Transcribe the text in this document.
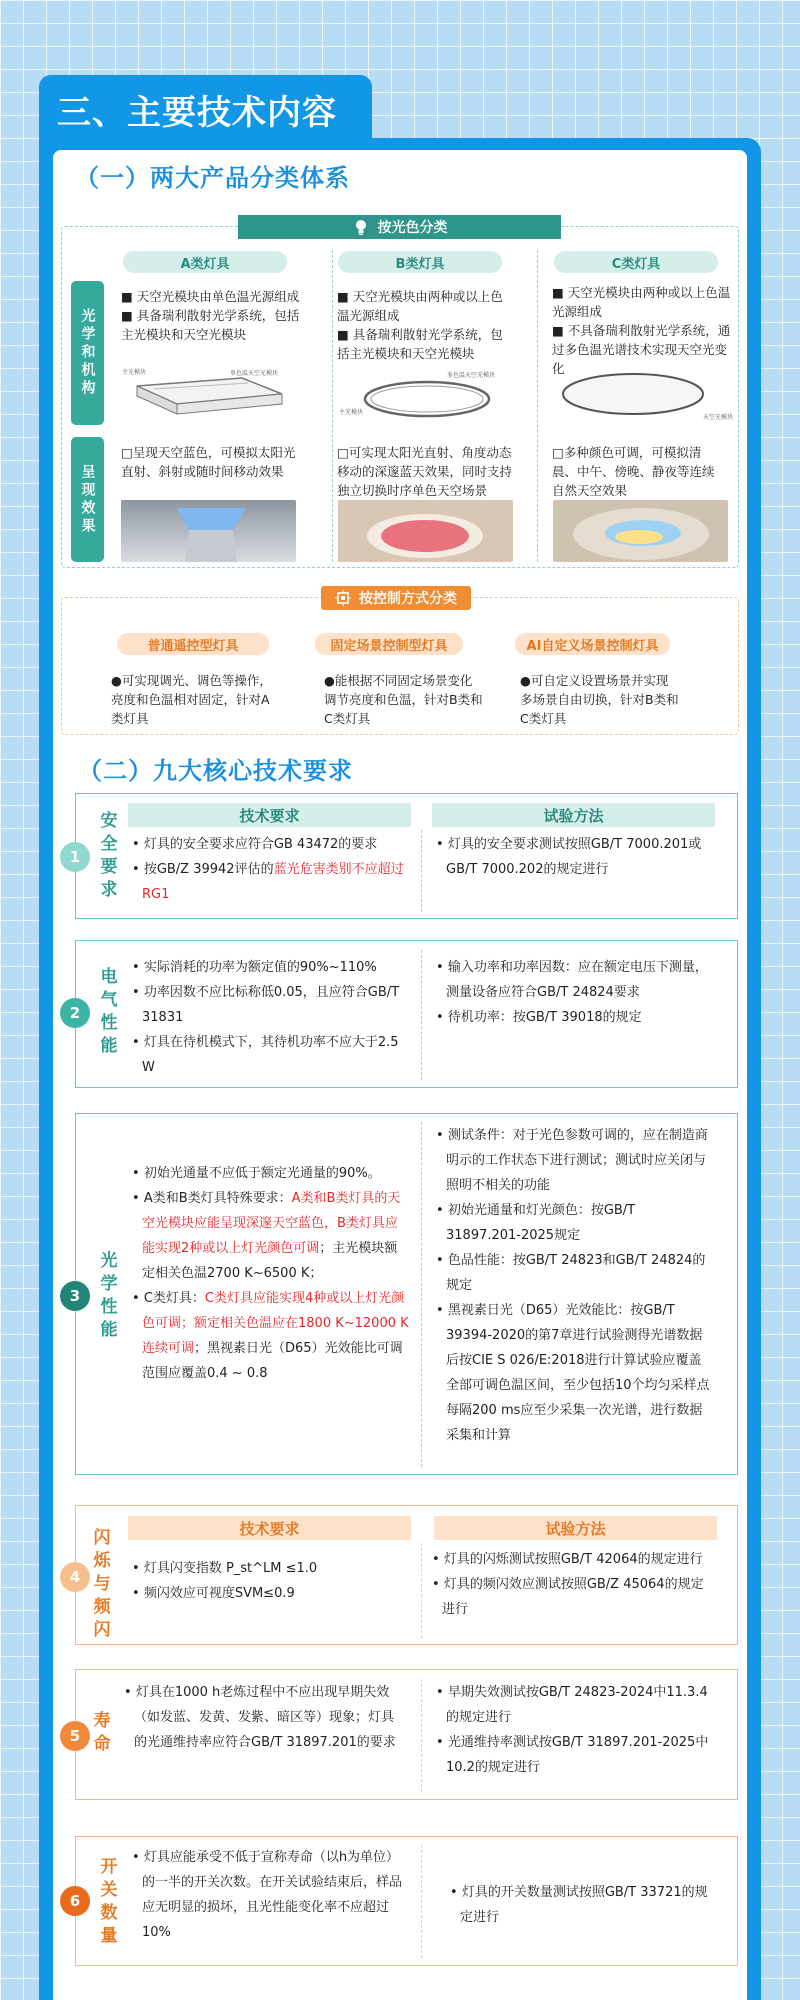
三、主要技术内容
（一）两大产品分类体系
按光色分类
光学和机构
呈现效果
A类灯具
■ 天空光模块由单色温光源组成
■ 具备瑞利散射光学系统，包括主光模块和天空光模块
主光模块	单色温天空光模块
□呈现天空蓝色，可模拟太阳光直射、斜射或随时间移动效果
B类灯具
■ 天空光模块由两种或以上色温光源组成
■ 具备瑞利散射光学系统，包括主光模块和天空光模块
多色温天空光模块
主光模块
□可实现太阳光直射、角度动态移动的深邃蓝天效果，同时支持独立切换时序单色天空场景
C类灯具
■ 天空光模块由两种或以上色温光源组成
■ 不具备瑞利散射光学系统，通过多色温光谱技术实现天空光变化
天空光模块
□多种颜色可调，可模拟清晨、中午、傍晚、静夜等连续自然天空效果
按控制方式分类
普通遥控型灯具	固定场景控制型灯具	AI自定义场景控制灯具
●可实现调光、调色等操作，亮度和色温相对固定，针对A类灯具
●能根据不同固定场景变化调节亮度和色温，针对B类和C类灯具
●可自定义设置场景并实现多场景自由切换，针对B类和C类灯具
（二）九大核心技术要求
1
安全要求
技术要求	试验方法
• 灯具的安全要求应符合GB 43472的要求
• 按GB/Z 39942评估的蓝光危害类别不应超过RG1
• 灯具的安全要求测试按照GB/T 7000.201或GB/T 7000.202的规定进行
2
电气性能
• 实际消耗的功率为额定值的90%~110%
• 功率因数不应比标称低0.05，且应符合GB/T 31831
• 灯具在待机模式下，其待机功率不应大于2.5 W
• 输入功率和功率因数：应在额定电压下测量，测量设备应符合GB/T 24824要求
• 待机功率：按GB/T 39018的规定
3
光学性能
• 初始光通量不应低于额定光通量的90%。
• A类和B类灯具特殊要求：A类和B类灯具的天空光模块应能呈现深邃天空蓝色，B类灯具应能实现2种或以上灯光颜色可调；主光模块额定相关色温2700 K~6500 K；
• C类灯具：C类灯具应能实现4种或以上灯光颜色可调；额定相关色温应在1800 K~12000 K连续可调；黑视素日光（D65）光效能比可调范围应覆盖0.4 ~ 0.8
• 测试条件：对于光色参数可调的，应在制造商明示的工作状态下进行测试；测试时应关闭与照明不相关的功能
• 初始光通量和灯光颜色：按GB/T 31897.201-2025规定
• 色品性能：按GB/T 24823和GB/T 24824的规定
• 黑视素日光（D65）光效能比：按GB/T 39394-2020的第7章进行试验测得光谱数据后按CIE S 026/E:2018进行计算试验应覆盖全部可调色温区间，至少包括10个均匀采样点每隔200 ms应至少采集一次光谱，进行数据采集和计算
4
闪烁与频闪
技术要求	试验方法
• 灯具闪变指数 P_st^LM ≤1.0
• 频闪效应可视度SVM≤0.9
• 灯具的闪烁测试按照GB/T 42064的规定进行
• 灯具的频闪效应测试按照GB/Z 45064的规定进行
5
寿命
• 灯具在1000 h老炼过程中不应出现早期失效（如发蓝、发黄、发紫、暗区等）现象；灯具的光通维持率应符合GB/T 31897.201的要求
• 早期失效测试按GB/T 24823-2024中11.3.4的规定进行
• 光通维持率测试按GB/T 31897.201-2025中10.2的规定进行
6
开关数量
• 灯具应能承受不低于宣称寿命（以h为单位）的一半的开关次数。在开关试验结束后，样品应无明显的损坏，且光性能变化率不应超过10%
• 灯具的开关数量测试按照GB/T 33721的规定进行
